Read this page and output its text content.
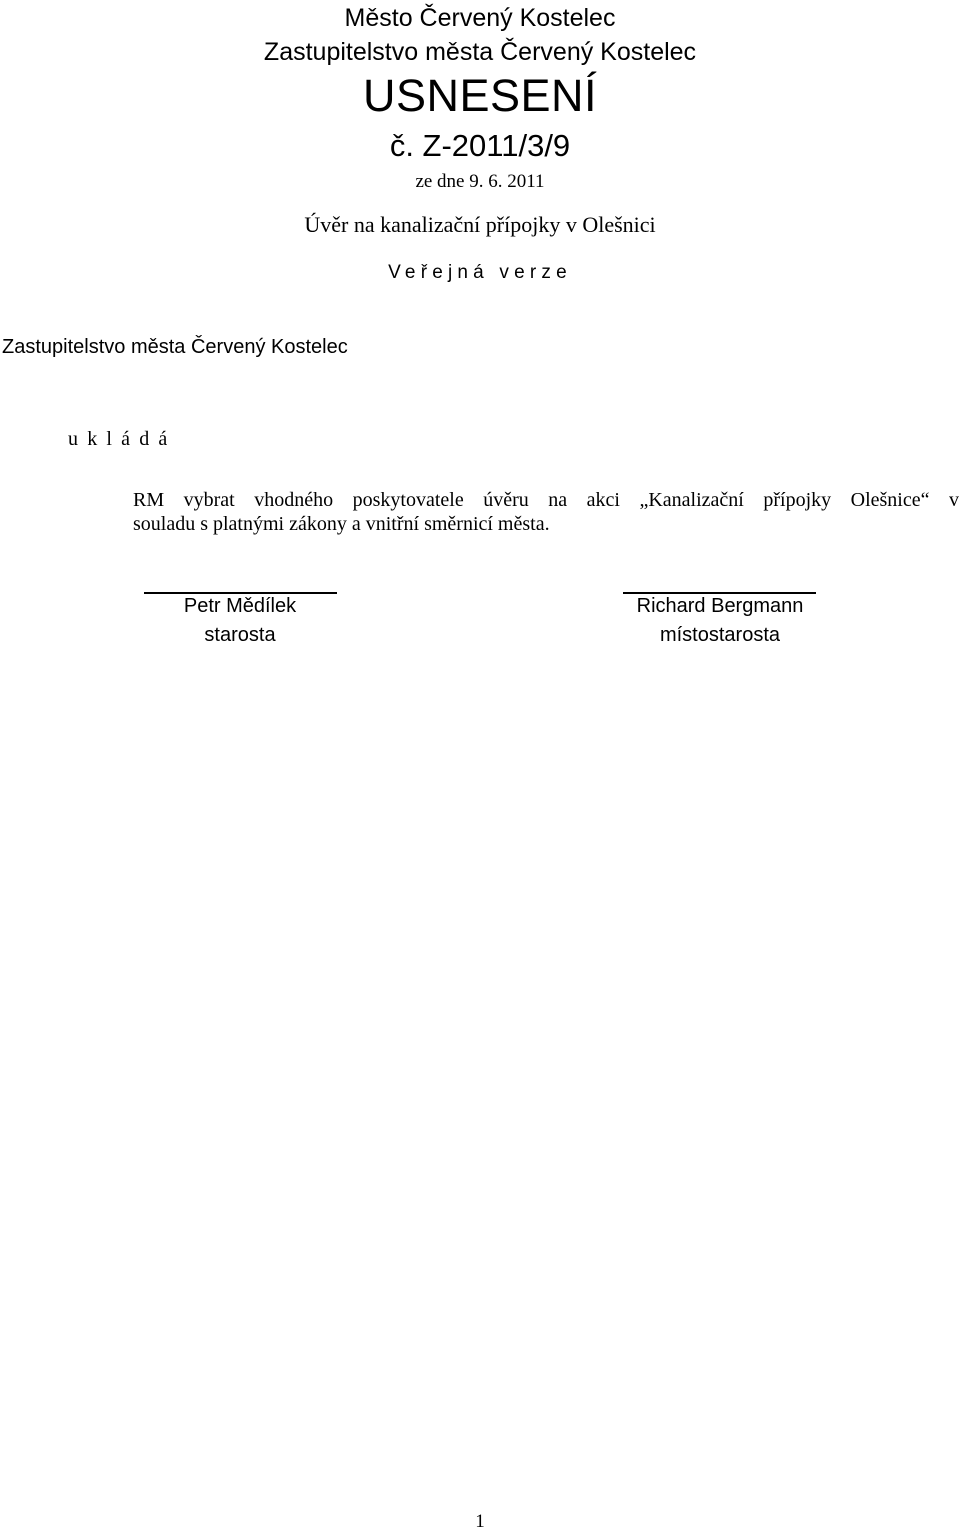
Město Červený Kostelec
Zastupitelstvo města Červený Kostelec
USNESENÍ
č. Z-2011/3/9
ze dne 9. 6. 2011
Úvěr na kanalizační přípojky v Olešnici
Veřejná verze
Zastupitelstvo města Červený Kostelec
ukládá
RM vybrat vhodného poskytovatele úvěru na akci „Kanalizační přípojky Olešnice“ v
souladu s platnými zákony a vnitřní směrnicí města.
Petr Mědílek
starosta
Richard Bergmann
místostarosta
1
